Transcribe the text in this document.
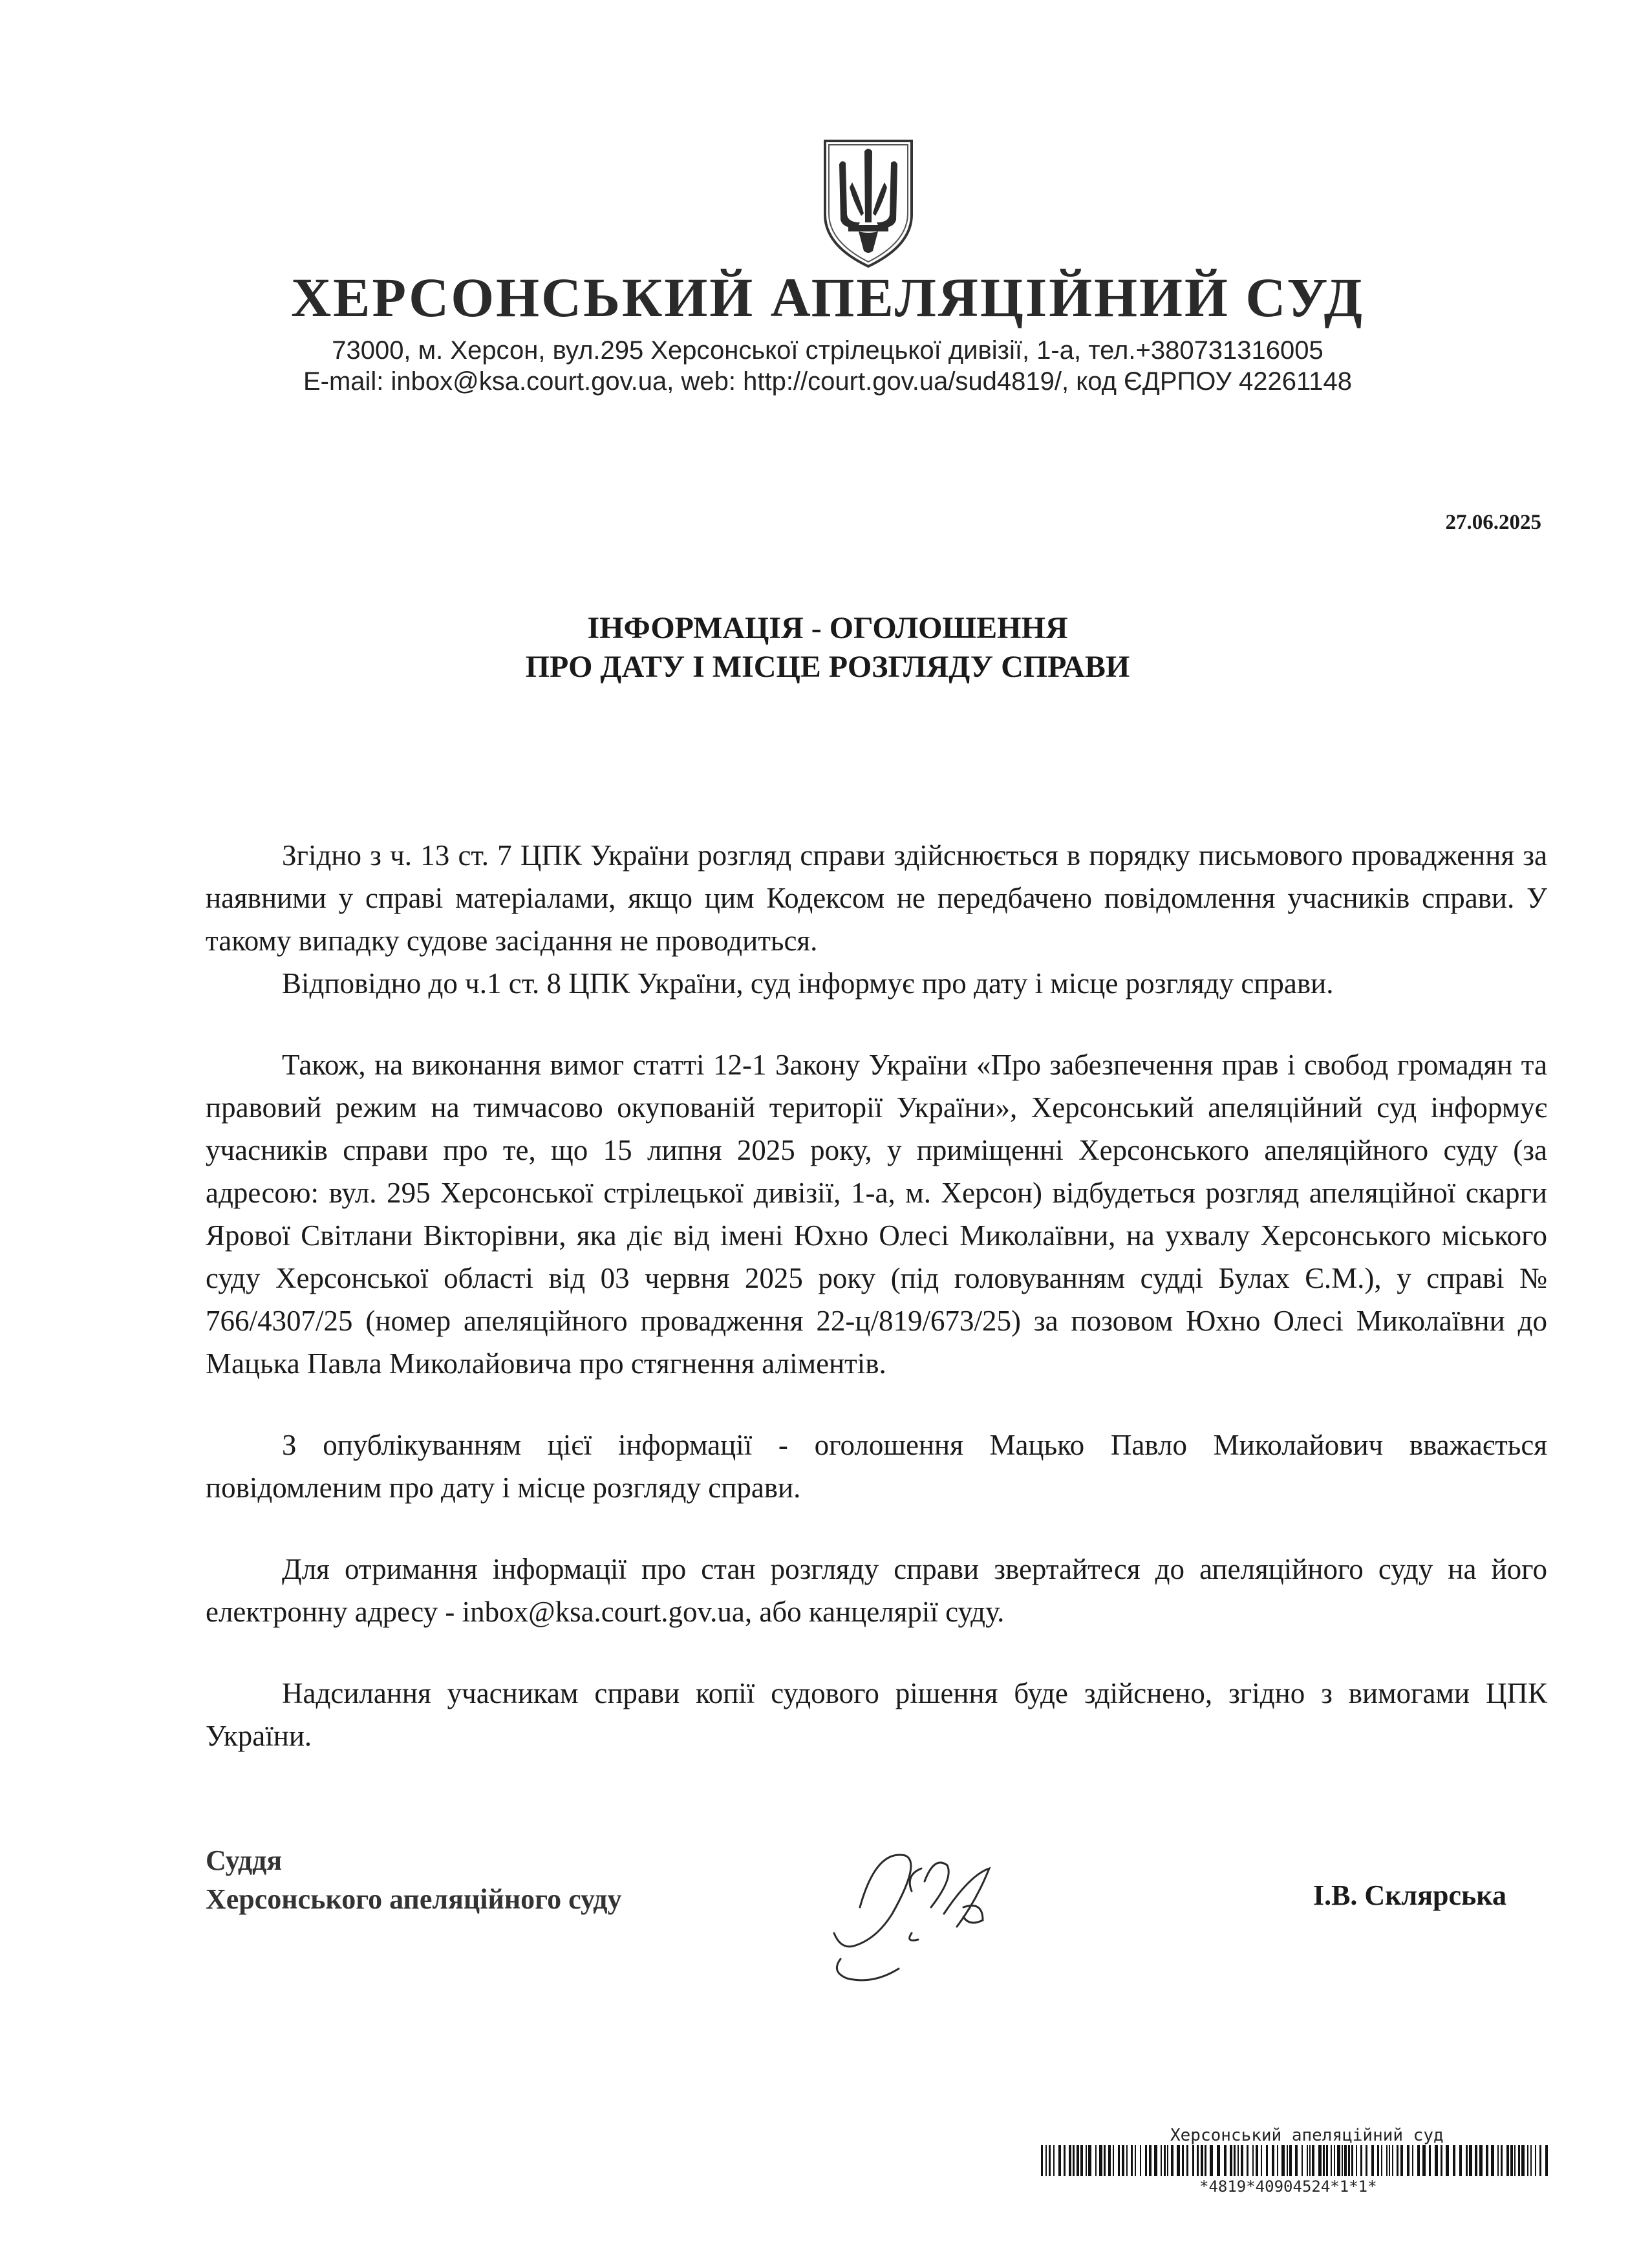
ХЕРСОНСЬКИЙ АПЕЛЯЦІЙНИЙ СУД
73000, м. Херсон, вул.295 Херсонської стрілецької дивізії, 1-а, тел.+380731316005
E-mail: inbox@ksa.court.gov.ua, web: http://court.gov.ua/sud4819/, код ЄДРПОУ 42261148
27.06.2025
ІНФОРМАЦІЯ - ОГОЛОШЕННЯ
ПРО ДАТУ І МІСЦЕ РОЗГЛЯДУ СПРАВИ

Згідно з ч. 13 ст. 7 ЦПК України розгляд справи здійснюється в порядку письмового провадження за наявними у справі матеріалами, якщо цим Кодексом не передбачено повідомлення учасників справи. У такому випадку судове засідання не проводиться.

Відповідно до ч.1 ст. 8 ЦПК України, суд інформує про дату і місце розгляду справи.

Також, на виконання вимог статті 12-1 Закону України «Про забезпечення прав і свобод громадян та правовий режим на тимчасово окупованій території України», Херсонський апеляційний суд інформує учасників справи про те, що 15 липня 2025 року, у приміщенні Херсонського апеляційного суду (за адресою: вул. 295 Херсонської стрілецької дивізії, 1-а, м. Херсон) відбудеться розгляд апеляційної скарги Ярової Світлани Вікторівни, яка діє від імені Юхно Олесі Миколаївни, на ухвалу Херсонського міського суду Херсонської області від 03 червня 2025 року (під головуванням судді Булах Є.М.), у справі № 766/4307/25 (номер апеляційного провадження 22-ц/819/673/25) за позовом Юхно Олесі Миколаївни до Мацька Павла Миколайовича про стягнення аліментів.

З опублікуванням цієї інформації - оголошення Мацько Павло Миколайович вважається повідомленим про дату і місце розгляду справи.

Для отримання інформації про стан розгляду справи звертайтеся до апеляційного суду на його електронну адресу - inbox@ksa.court.gov.ua, або канцелярії суду.

Надсилання учасникам справи копії судового рішення буде здійснено, згідно з вимогами ЦПК України.

Суддя
Херсонського апеляційного суду	І.В. Склярська
Херсонський апеляційний суд
*4819*40904524*1*1*
